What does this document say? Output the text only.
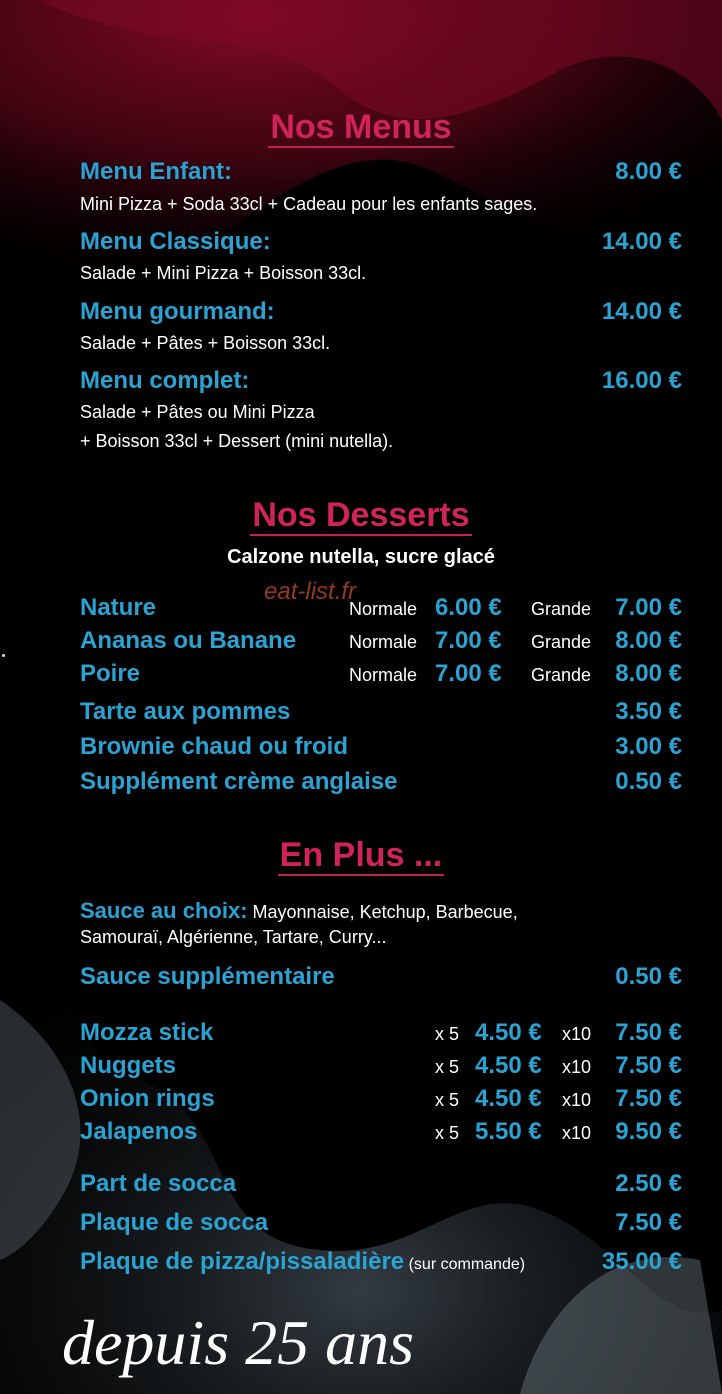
Nos Menus
Menu Enfant:	8.00 €
Mini Pizza + Soda 33cl + Cadeau pour les enfants sages.
Menu Classique:	14.00 €
Salade + Mini Pizza + Boisson 33cl.
Menu gourmand:	14.00 €
Salade + Pâtes + Boisson 33cl.
Menu complet:	16.00 €
Salade + Pâtes ou Mini Pizza
+ Boisson 33cl + Dessert (mini nutella).
Nos Desserts
Calzone nutella, sucre glacé
eat-list.fr
Nature	Normale 6.00 € Grande 7.00 €
Ananas ou Banane	Normale 7.00 € Grande 8.00 €
Poire	Normale 7.00 € Grande 8.00 €
Tarte aux pommes	3.50 €
Brownie chaud ou froid	3.00 €
Supplément crème anglaise	0.50 €
En Plus ...
Sauce au choix: Mayonnaise, Ketchup, Barbecue,
Samouraï, Algérienne, Tartare, Curry...
Sauce supplémentaire	0.50 €
Mozza stick	x 5 4.50 € x10 7.50 €
Nuggets	x 5 4.50 € x10 7.50 €
Onion rings	x 5 4.50 € x10 7.50 €
Jalapenos	x 5 5.50 € x10 9.50 €
Part de socca	2.50 €
Plaque de socca	7.50 €
Plaque de pizza/pissaladière (sur commande)	35.00 €
depuis 25 ans
